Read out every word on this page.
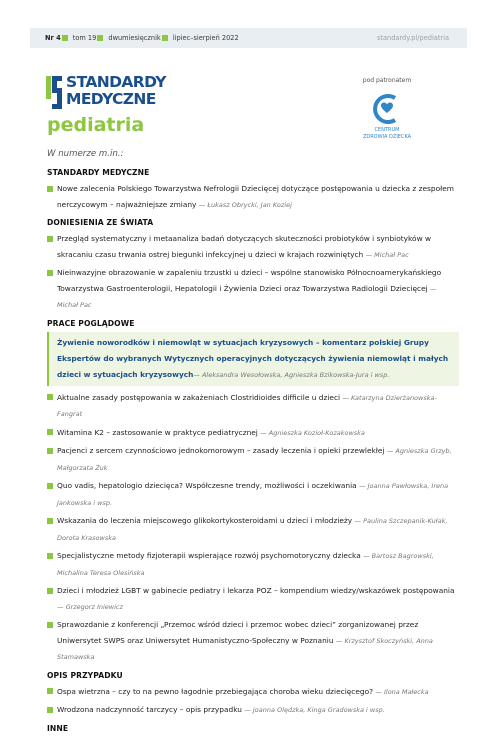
Nr 4 tom 19 dwumiesięcznik lipiec–sierpień 2022	standardy.pl/pediatria
STANDARDY
MEDYCZNE
pediatria
pod patronatem
CENTRUM
ZDROWIA DZIECKA
W numerze m.in.:
STANDARDY MEDYCZNE
Nowe zalecenia Polskiego Towarzystwa Nefrologii Dziecięcej dotyczące postępowania u dziecka z zespołem nerczycowym – najważniejsze zmiany — Łukasz Obrycki, Jan Koziej
DONIESIENIA ZE ŚWIATA
Przegląd systematyczny i metaanaliza badań dotyczących skuteczności probiotyków i synbiotyków w skracaniu czasu trwania ostrej biegunki infekcyjnej u dzieci w krajach rozwiniętych — Michał Pac
Nieinwazyjne obrazowanie w zapaleniu trzustki u dzieci – wspólne stanowisko Północnoamerykańskiego Towarzystwa Gastroenterologii, Hepatologii i Żywienia Dzieci oraz Towarzystwa Radiologii Dziecięcej — Michał Pac
PRACE POGLĄDOWE
Żywienie noworodków i niemowląt w sytuacjach kryzysowych – komentarz polskiej Grupy Ekspertów do wybranych Wytycznych operacyjnych dotyczących żywienia niemowląt i małych dzieci w sytuacjach kryzysowych— Aleksandra Wesołowska, Agnieszka Bzikowska-Jura i wsp.
Aktualne zasady postępowania w zakażeniach Clostridioides difficile u dzieci — Katarzyna Dzierżanowska-Fangrat
Witamina K2 – zastosowanie w praktyce pediatrycznej — Agnieszka Kozioł-Kozakowska
Pacjenci z sercem czynnościowo jednokomorowym – zasady leczenia i opieki przewlekłej — Agnieszka Grzyb, Małgorzata Żuk
Quo vadis, hepatologio dziecięca? Współczesne trendy, możliwości i oczekiwania — Joanna Pawłowska, Irena Jankowska i wsp.
Wskazania do leczenia miejscowego glikokortykosteroidami u dzieci i młodzieży — Paulina Szczepanik-Kułak, Dorota Krasowska
Specjalistyczne metody fizjoterapii wspierające rozwój psychomotoryczny dziecka — Bartosz Bagrowski, Michalina Teresa Olesińska
Dzieci i młodzież LGBT w gabinecie pediatry i lekarza POZ – kompendium wiedzy/wskazówek postępowania — Grzegorz Iniewicz
Sprawozdanie z konferencji „Przemoc wśród dzieci i przemoc wobec dzieci” zorganizowanej przez Uniwersytet SWPS oraz Uniwersytet Humanistyczno-Społeczny w Poznaniu — Krzysztof Skoczyński, Anna Stamawska
OPIS PRZYPADKU
Ospa wietrzna – czy to na pewno łagodnie przebiegająca choroba wieku dziecięcego? — Ilona Małecka
Wrodzona nadczynność tarczycy – opis przypadku — Joanna Olędzka, Kinga Gradowska i wsp.
INNE
